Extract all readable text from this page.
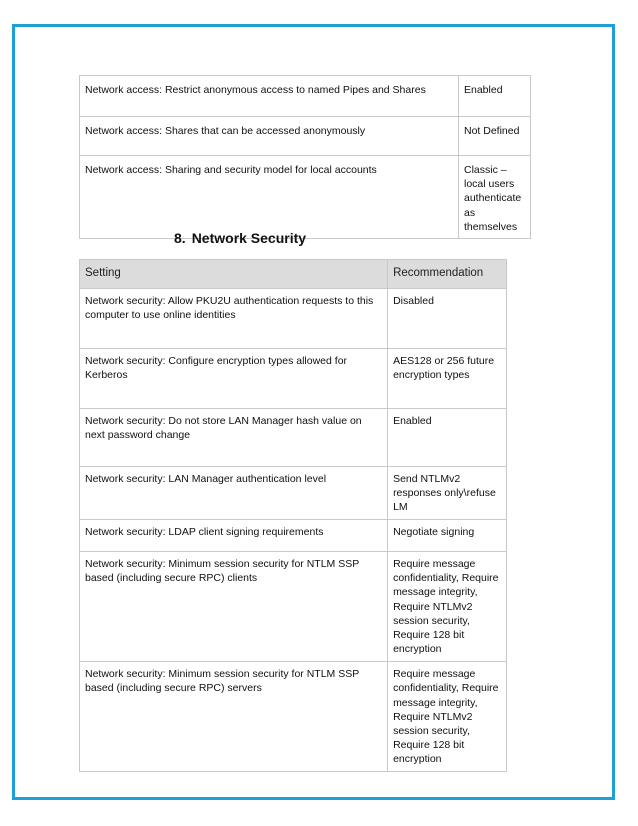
Network access: Restrict anonymous access to named Pipes and Shares	Enabled
Network access: Shares that can be accessed anonymously	Not Defined
Network access: Sharing and security model for local accounts	Classic – local users authenticate as themselves
8. Network Security
Setting	Recommendation
Network security: Allow PKU2U authentication requests to this computer to use online identities	Disabled
Network security: Configure encryption types allowed for Kerberos	AES128 or 256 future encryption types
Network security: Do not store LAN Manager hash value on next password change	Enabled
Network security: LAN Manager authentication level	Send NTLMv2 responses only\refuse LM
Network security: LDAP client signing requirements	Negotiate signing
Network security: Minimum session security for NTLM SSP based (including secure RPC) clients	Require message confidentiality, Require message integrity, Require NTLMv2 session security, Require 128 bit encryption
Network security: Minimum session security for NTLM SSP based (including secure RPC) servers	Require message confidentiality, Require message integrity, Require NTLMv2 session security, Require 128 bit encryption
